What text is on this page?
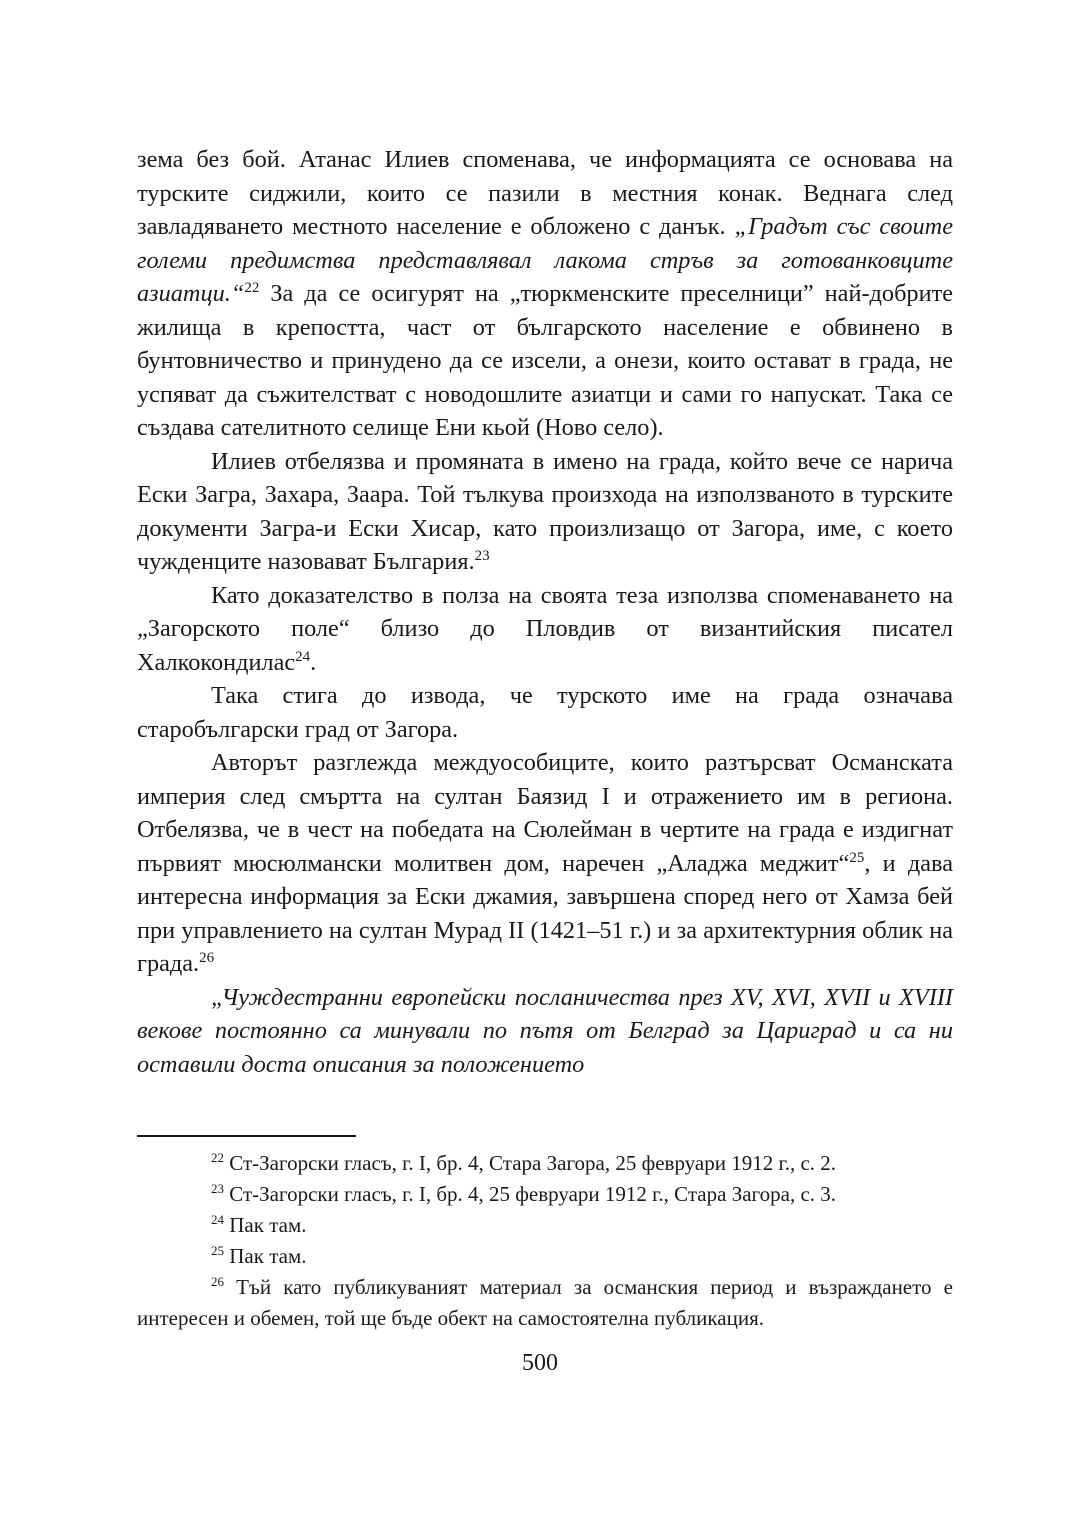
зема без бой. Атанас Илиев споменава, че информацията се основава на турските сиджили, които се пазили в местния конак. Веднага след завладяването местното население е обложено с данък. „Градът със своите големи предимства представлявал лакома стръв за готованковците азиатци.“$^{22}$ За да се осигурят на „тюркменските преселници” най-добрите жилища в крепостта, част от българското население е обвинено в бунтовничество и принудено да се изсели, а онези, които остават в града, не успяват да съжителстват с новодошлите азиатци и сами го напускат. Така се създава сателитното селище Ени кьой (Ново село).

Илиев отбелязва и промяната в имено на града, който вече се нарича Ески Загра, Захара, Заара. Той тълкува произхода на използваното в турските документи Загра-и Ески Хисар, като произлизащо от Загора, име, с което чужденците назовават България.$^{23}$

Като доказателство в полза на своята теза използва споменаването на „Загорското поле“ близо до Пловдив от византийския писател Халкокондилас$^{24}$.

Така стига до извода, че турското име на града означава старобългарски град от Загора.

Авторът разглежда междуособиците, които разтърсват Османската империя след смъртта на султан Баязид I и отражението им в региона. Отбелязва, че в чест на победата на Сюлейман в чертите на града е издигнат първият мюсюлмански молитвен дом, наречен „Аладжа меджит“$^{25}$, и дава интересна информация за Ески джамия, завършена според него от Хамза бей при управлението на султан Мурад II (1421–51 г.) и за архитектурния облик на града.$^{26}$

„Чуждестранни европейски посланичества през XV, XVI, XVII и XVIII векове постоянно са минували по пътя от Белград за Цариград и са ни оставили доста описания за положението

$^{22}$ Ст-Загорски гласъ, г. I, бр. 4, Стара Загора, 25 февруари 1912 г., с. 2.

$^{23}$ Ст-Загорски гласъ, г. I, бр. 4, 25 февруари 1912 г., Стара Загора, с. 3.

$^{24}$ Пак там.

$^{25}$ Пак там.

$^{26}$ Тъй като публикуваният материал за османския период и възраждането е интересен и обемен, той ще бъде обект на самостоятелна публикация.

500
